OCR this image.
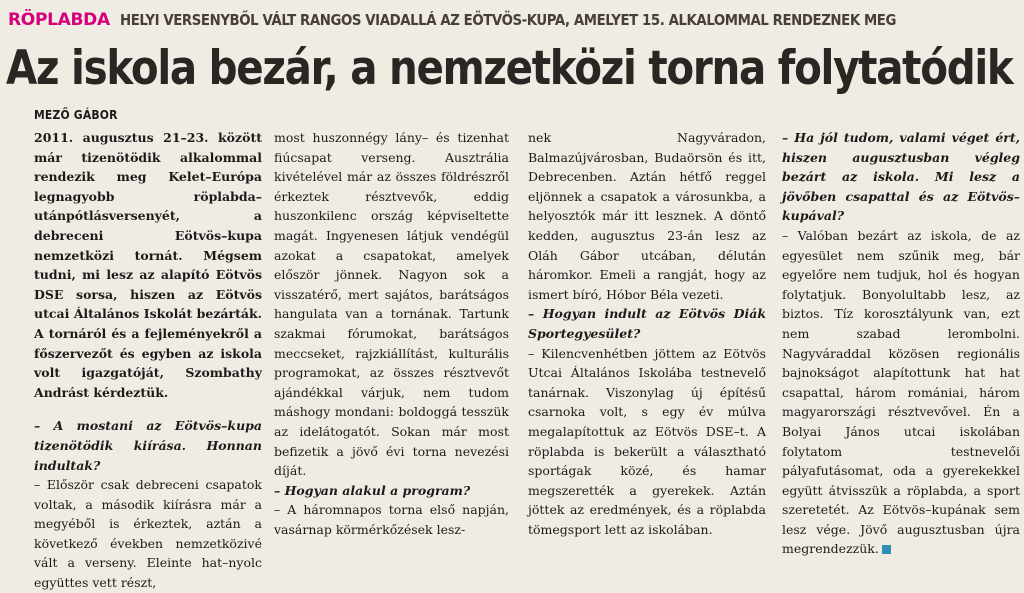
RÖPLABDA HELYI VERSENYBŐL VÁLT RANGOS VIADALLÁ AZ EÖTVÖS-KUPA, AMELYET 15. ALKALOMMAL RENDEZNEK MEG
Az iskola bezár, a nemzetközi torna folytatódik
MEZŐ GÁBOR

2011. augusztus 21–23. között már tizenötödik alkalommal rendezik meg Kelet–Európa legnagyobb röplabda–utánpótlásversenyét, a debreceni Eötvös–kupa nemzetközi tornát. Mégsem tudni, mi lesz az alapító Eötvös DSE sorsa, hiszen az Eötvös utcai Általános Iskolát bezárták. A tornáról és a fejleményekről a főszervezőt és egyben az iskola volt igazgatóját, Szombathy Andrást kérdeztük.

– A mostani az Eötvös–kupa tizenötödik kiírása. Honnan indultak?

– Először csak debreceni csapatok voltak, a második kiírásra már a megyéből is érkeztek, aztán a következő években nemzetközivé vált a verseny. Eleinte hat–nyolc együttes vett részt,

most huszonnégy lány– és tizenhat fiúcsapat verseng. Ausztrália kivételével már az összes földrészről érkeztek résztvevők, eddig huszonkilenc ország képviseltette magát. Ingyenesen látjuk vendégül azokat a csapatokat, amelyek először jönnek. Nagyon sok a visszatérő, mert sajátos, barátságos hangulata van a tornának. Tartunk szakmai fórumokat, barátságos meccseket, rajzkiállítást, kulturális programokat, az összes résztvevőt ajándékkal várjuk, nem tudom máshogy mondani: boldoggá tesszük az idelátogatót. Sokan már most befizetik a jövő évi torna nevezési díját.

– Hogyan alakul a program?

– A háromnapos torna első napján, vasárnap körmérkőzések lesz-

nek Nagyváradon, Balmazújvárosban, Budaörsön és itt, Debrecenben. Aztán hétfő reggel eljönnek a csapatok a városunkba, a helyosztók már itt lesznek. A döntő kedden, augusztus 23-án lesz az Oláh Gábor utcában, délután háromkor. Emeli a rangját, hogy az ismert bíró, Hóbor Béla vezeti.

– Hogyan indult az Eötvös Diák Sportegyesület?

– Kilencvenhétben jöttem az Eötvös Utcai Általános Iskolába testnevelő tanárnak. Viszonylag új építésű csarnoka volt, s egy év múlva megalapítottuk az Eötvös DSE–t. A röplabda is bekerült a választható sportágak közé, és hamar megszerették a gyerekek. Aztán jöttek az eredmények, és a röplabda tömegsport lett az iskolában.

– Ha jól tudom, valami véget ért, hiszen augusztusban végleg bezárt az iskola. Mi lesz a jövőben csapattal és az Eötvös–kupával?

– Valóban bezárt az iskola, de az egyesület nem szűnik meg, bár egyelőre nem tudjuk, hol és hogyan folytatjuk. Bonyolultabb lesz, az biztos. Tíz korosztályunk van, ezt nem szabad lerombolni. Nagyváraddal közösen regionális bajnokságot alapítottunk hat hat csapattal, három romániai, három magyarországi résztvevővel. Én a Bolyai János utcai iskolában folytatom testnevelői pályafutásomat, oda a gyerekekkel együtt átvisszük a röplabda, a sport szeretetét. Az Eötvös–kupának sem lesz vége. Jövő augusztusban újra megrendezzük.
